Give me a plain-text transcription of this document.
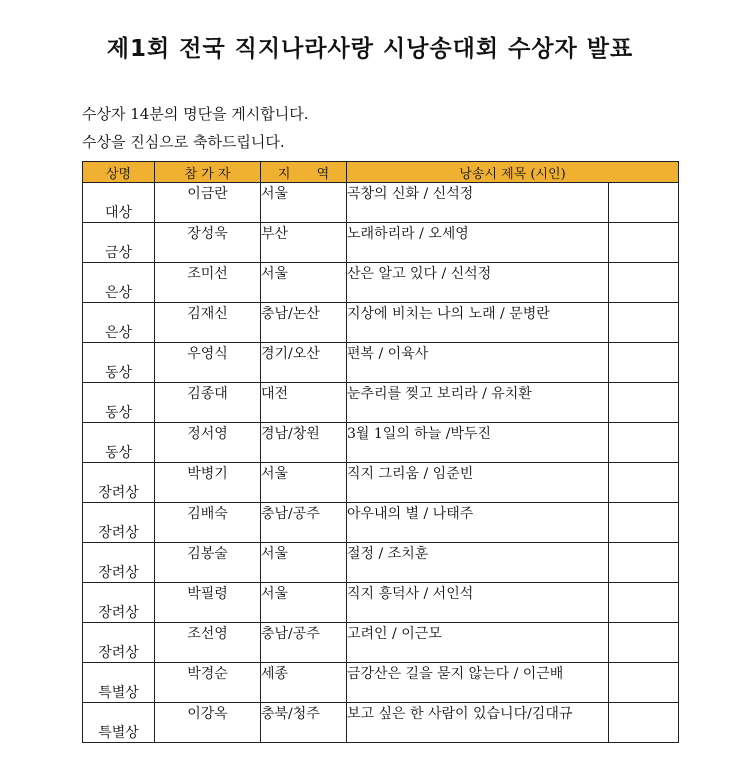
제1회 전국 직지나라사랑 시낭송대회 수상자 발표
수상자 14분의 명단을 게시합니다.
수상을 진심으로 축하드립니다.
상명	참 가 자	지 역	낭송시 제목 (시인)	
대상	이금란	서울	곡창의 신화 / 신석정	
금상	장성욱	부산	노래하리라 / 오세영	
은상	조미선	서울	산은 알고 있다 / 신석정	
은상	김재신	충남/논산	지상에 비치는 나의 노래 / 문병란	
동상	우영식	경기/오산	편복 / 이육사	
동상	김종대	대전	눈추리를 찢고 보리라 / 유치환	
동상	정서영	경남/창원	3월 1일의 하늘 /박두진	
장려상	박병기	서울	직지 그리움 / 임준빈	
장려상	김배숙	충남/공주	아우내의 별 / 나태주	
장려상	김봉술	서울	절정 / 조치훈	
장려상	박필령	서울	직지 흥덕사 / 서인석	
장려상	조선영	충남/공주	고려인 / 이근모	
특별상	박경순	세종	금강산은 길을 묻지 않는다 / 이근배	
특별상	이강옥	충북/청주	보고 싶은 한 사람이 있습니다/김대규	
